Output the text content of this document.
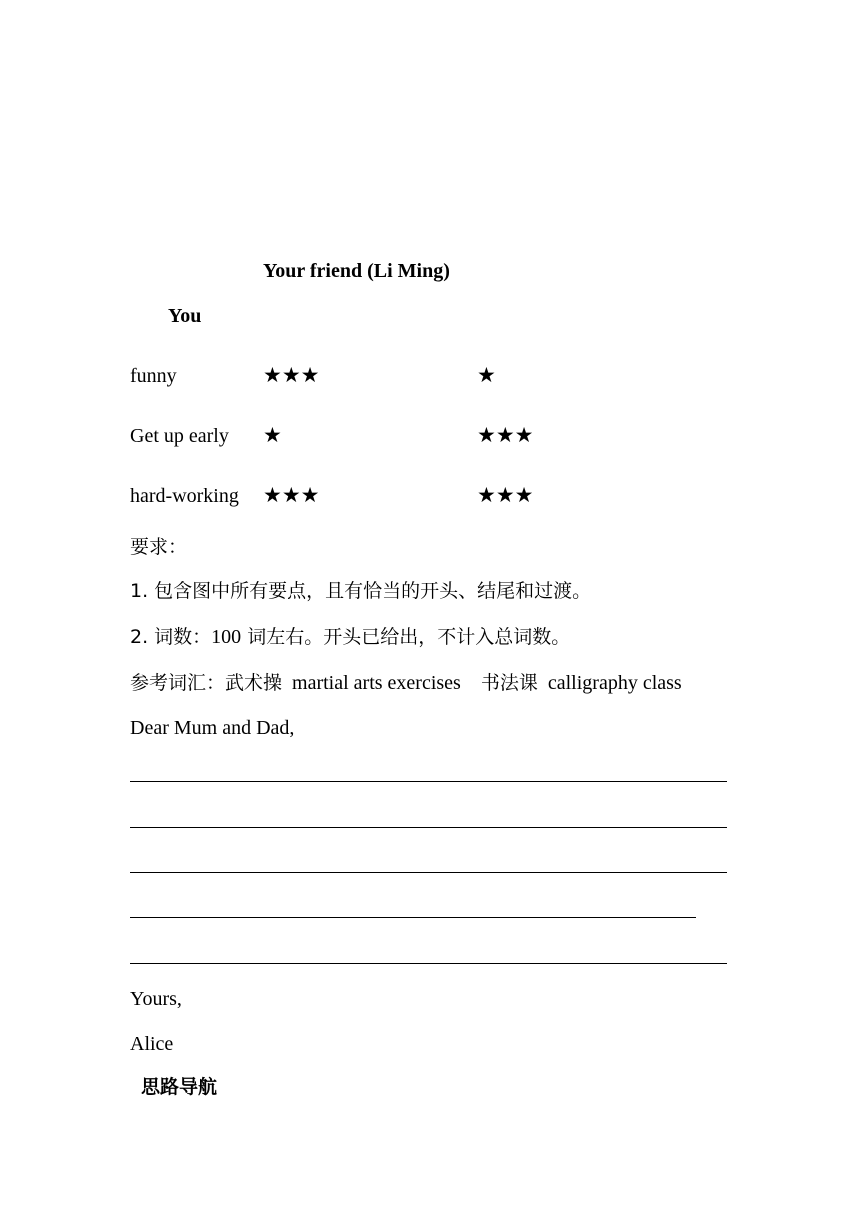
Your friend (Li Ming)
You
funny	★★★	★
Get up early ★	★★★
hard-working ★★★	★★★
要求：
1. 包含图中所有要点，且有恰当的开头、结尾和过渡。
2. 词数：100 词左右。开头已给出，不计入总词数。
参考词汇：武术操 martial arts exercises 书法课 calligraphy class
Dear Mum and Dad,
Yours,
Alice
思路导航
